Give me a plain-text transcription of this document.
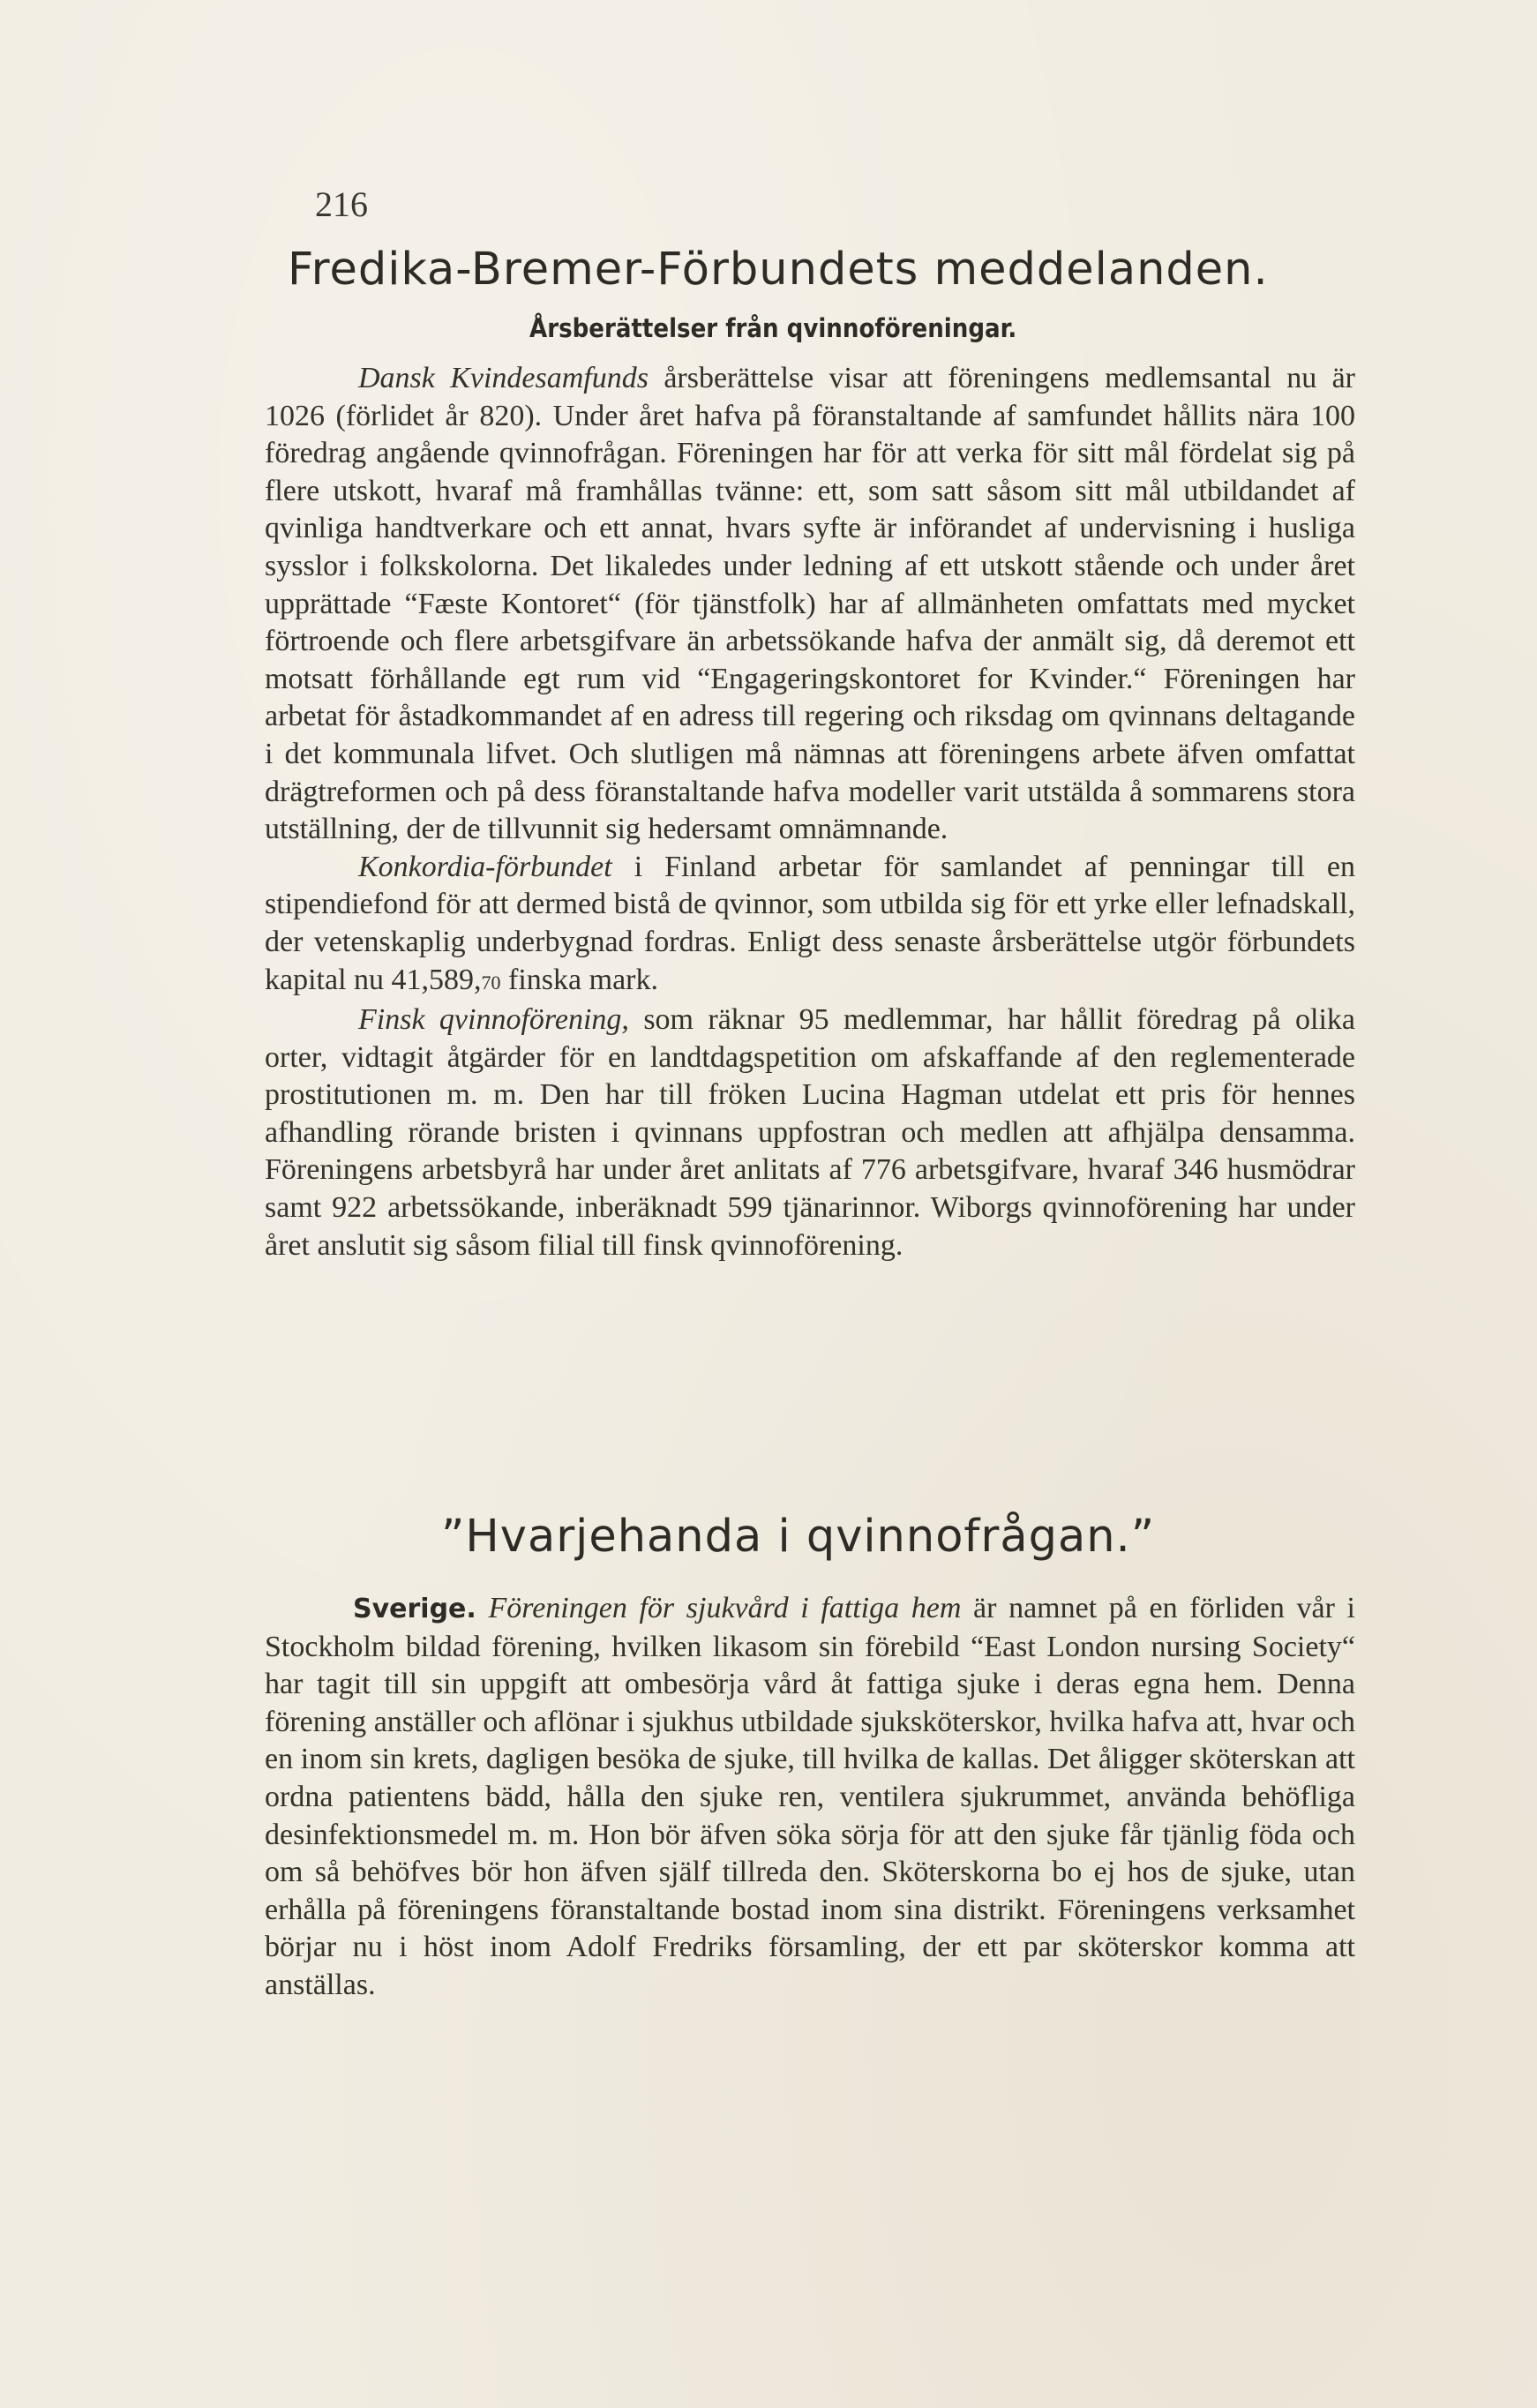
216
Fredika-Bremer-Förbundets meddelanden.
Årsberättelser från qvinnoföreningar.

Dansk Kvindesamfunds årsberättelse visar att föreningens medlemsantal nu är 1026 (förlidet år 820). Under året hafva på föranstaltande af samfundet hållits nära 100 föredrag angående qvinnofrågan. Föreningen har för att verka för sitt mål fördelat sig på flere utskott, hvaraf må framhållas tvänne: ett, som satt såsom sitt mål utbildandet af qvinliga handtverkare och ett annat, hvars syfte är införandet af undervisning i husliga sysslor i folkskolorna. Det likaledes under ledning af ett utskott stående och under året upprättade “Fæste Kontoret“ (för tjänstfolk) har af allmänheten omfattats med mycket förtroende och flere arbetsgifvare än arbetssökande hafva der anmält sig, då deremot ett motsatt förhållande egt rum vid “Engageringskontoret for Kvinder.“ Föreningen har arbetat för åstadkommandet af en adress till regering och riksdag om qvinnans deltagande i det kommunala lifvet. Och slutligen må nämnas att föreningens arbete äfven omfattat drägtreformen och på dess föranstaltande hafva modeller varit utstälda å sommarens stora utställning, der de tillvunnit sig hedersamt omnämnande.

Konkordia-förbundet i Finland arbetar för samlandet af penningar till en stipendiefond för att dermed bistå de qvinnor, som utbilda sig för ett yrke eller lefnadskall, der vetenskaplig underbygnad fordras. Enligt dess senaste årsberättelse utgör förbundets kapital nu 41,589,70 finska mark.

Finsk qvinnoförening, som räknar 95 medlemmar, har hållit föredrag på olika orter, vidtagit åtgärder för en landtdagspetition om afskaffande af den reglementerade prostitutionen m. m. Den har till fröken Lucina Hagman utdelat ett pris för hennes afhandling rörande bristen i qvinnans uppfostran och medlen att afhjälpa densamma. Föreningens arbetsbyrå har under året anlitats af 776 arbetsgifvare, hvaraf 346 husmödrar samt 922 arbetssökande, inberäknadt 599 tjänarinnor. Wiborgs qvinnoförening har under året anslutit sig såsom filial till finsk qvinnoförening.

”Hvarjehanda i qvinnofrågan.”

Sverige. Föreningen för sjukvård i fattiga hem är namnet på en förliden vår i Stockholm bildad förening, hvilken likasom sin förebild “East London nursing Society“ har tagit till sin uppgift att ombesörja vård åt fattiga sjuke i deras egna hem. Denna förening anställer och aflönar i sjukhus utbildade sjuksköterskor, hvilka hafva att, hvar och en inom sin krets, dagligen besöka de sjuke, till hvilka de kallas. Det åligger sköterskan att ordna patientens bädd, hålla den sjuke ren, ventilera sjukrummet, använda behöfliga desinfektionsmedel m. m. Hon bör äfven söka sörja för att den sjuke får tjänlig föda och om så behöfves bör hon äfven själf tillreda den. Sköterskorna bo ej hos de sjuke, utan erhålla på föreningens föranstaltande bostad inom sina distrikt. Föreningens verksamhet börjar nu i höst inom Adolf Fredriks församling, der ett par sköterskor komma att anställas.
